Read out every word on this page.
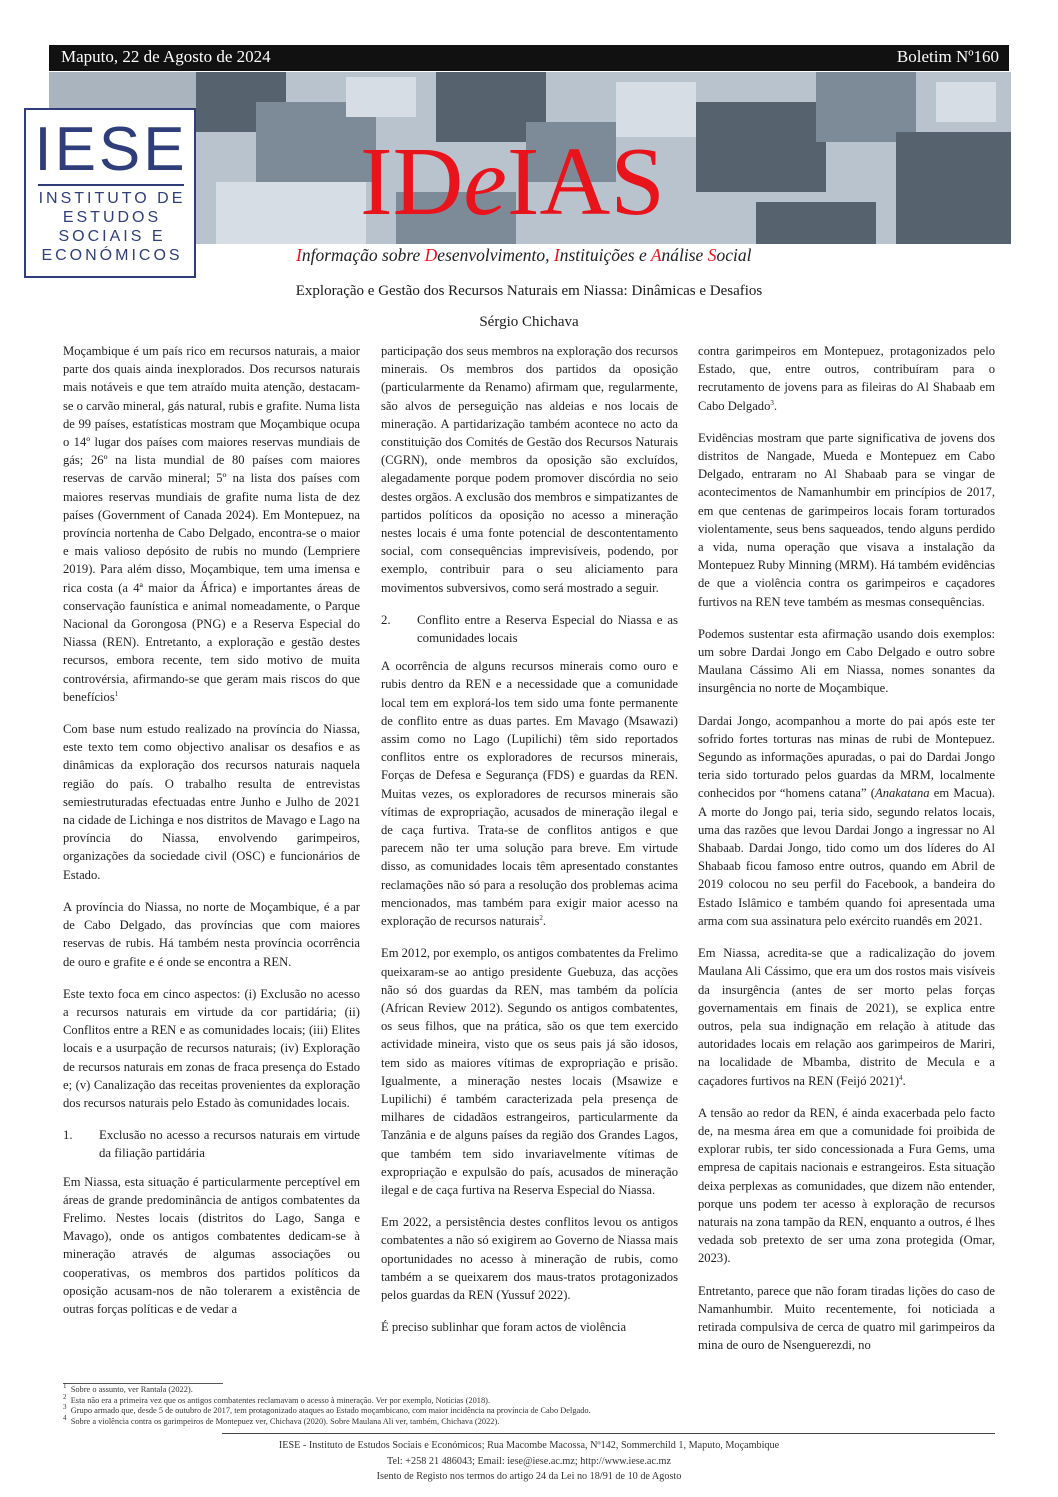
Maputo, 22 de Agosto de 2024	Boletim Nº160
IESE
INSTITUTO DE
ESTUDOS
SOCIAIS E
ECONÓMICOS
IDeIAS
Informação sobre Desenvolvimento, Instituições e Análise Social
Exploração e Gestão dos Recursos Naturais em Niassa: Dinâmicas e Desafios
Sérgio Chichava

Moçambique é um país rico em recursos naturais, a maior parte dos quais ainda inexplorados. Dos recursos naturais mais notáveis e que tem atraído muita atenção, destacam-se o carvão mineral, gás natural, rubis e grafite. Numa lista de 99 países, estatísticas mostram que Moçambique ocupa o 14º lugar dos países com maiores reservas mundiais de gás; 26º na lista mundial de 80 países com maiores reservas de carvão mineral; 5º na lista dos países com maiores reservas mundiais de grafite numa lista de dez países (Government of Canada 2024). Em Montepuez, na província nortenha de Cabo Delgado, encontra-se o maior e mais valioso depósito de rubis no mundo (Lempriere 2019). Para além disso, Moçambique, tem uma imensa e rica costa (a 4ª maior da África) e importantes áreas de conservação faunística e animal nomeadamente, o Parque Nacional da Gorongosa (PNG) e a Reserva Especial do Niassa (REN). Entretanto, a exploração e gestão destes recursos, embora recente, tem sido motivo de muita controvérsia, afirmando-se que geram mais riscos do que benefícios$^1$

Com base num estudo realizado na província do Niassa, este texto tem como objectivo analisar os desafios e as dinâmicas da exploração dos recursos naturais naquela região do país. O trabalho resulta de entrevistas semiestruturadas efectuadas entre Junho e Julho de 2021 na cidade de Lichinga e nos distritos de Mavago e Lago na província do Niassa, envolvendo garimpeiros, organizações da sociedade civil (OSC) e funcionários de Estado.

A província do Niassa, no norte de Moçambique, é a par de Cabo Delgado, das províncias que com maiores reservas de rubis. Há também nesta província ocorrência de ouro e grafite e é onde se encontra a REN.

Este texto foca em cinco aspectos: (i) Exclusão no acesso a recursos naturais em virtude da cor partidária; (ii) Conflitos entre a REN e as comunidades locais; (iii) Elites locais e a usurpação de recursos naturais; (iv) Exploração de recursos naturais em zonas de fraca presença do Estado e; (v) Canalização das receitas provenientes da exploração dos recursos naturais pelo Estado às comunidades locais.

1. Exclusão no acesso a recursos naturais em virtude da filiação partidária

Em Niassa, esta situação é particularmente perceptível em áreas de grande predominância de antigos combatentes da Frelimo. Nestes locais (distritos do Lago, Sanga e Mavago), onde os antigos combatentes dedicam-se à mineração através de algumas associações ou cooperativas, os membros dos partidos políticos da oposição acusam-nos de não tolerarem a existência de outras forças políticas e de vedar a

participação dos seus membros na exploração dos recursos minerais. Os membros dos partidos da oposição (particularmente da Renamo) afirmam que, regularmente, são alvos de perseguição nas aldeias e nos locais de mineração. A partidarização também acontece no acto da constituição dos Comités de Gestão dos Recursos Naturais (CGRN), onde membros da oposição são excluídos, alegadamente porque podem promover discórdia no seio destes orgãos. A exclusão dos membros e simpatizantes de partidos políticos da oposição no acesso a mineração nestes locais é uma fonte potencial de descontentamento social, com consequências imprevisíveis, podendo, por exemplo, contribuir para o seu aliciamento para movimentos subversivos, como será mostrado a seguir.

2. Conflito entre a Reserva Especial do Niassa e as comunidades locais

A ocorrência de alguns recursos minerais como ouro e rubis dentro da REN e a necessidade que a comunidade local tem em explorá-los tem sido uma fonte permanente de conflito entre as duas partes. Em Mavago (Msawazi) assim como no Lago (Lupilichi) têm sido reportados conflitos entre os exploradores de recursos minerais, Forças de Defesa e Segurança (FDS) e guardas da REN. Muitas vezes, os exploradores de recursos minerais são vítimas de expropriação, acusados de mineração ilegal e de caça furtiva. Trata-se de conflitos antigos e que parecem não ter uma solução para breve. Em virtude disso, as comunidades locais têm apresentado constantes reclamações não só para a resolução dos problemas acima mencionados, mas também para exigir maior acesso na exploração de recursos naturais$^2$.

Em 2012, por exemplo, os antigos combatentes da Frelimo queixaram-se ao antigo presidente Guebuza, das acções não só dos guardas da REN, mas também da polícia (African Review 2012). Segundo os antigos combatentes, os seus filhos, que na prática, são os que tem exercido actividade mineira, visto que os seus pais já são idosos, tem sido as maiores vítimas de expropriação e prisão. Igualmente, a mineração nestes locais (Msawize e Lupilichi) é também caracterizada pela presença de milhares de cidadãos estrangeiros, particularmente da Tanzânia e de alguns países da região dos Grandes Lagos, que também tem sido invariavelmente vítimas de expropriação e expulsão do país, acusados de mineração ilegal e de caça furtiva na Reserva Especial do Niassa.

Em 2022, a persistência destes conflitos levou os antigos combatentes a não só exigirem ao Governo de Niassa mais oportunidades no acesso à mineração de rubis, como também a se queixarem dos maus-tratos protagonizados pelos guardas da REN (Yussuf 2022).

É preciso sublinhar que foram actos de violência

contra garimpeiros em Montepuez, protagonizados pelo Estado, que, entre outros, contribuíram para o recrutamento de jovens para as fileiras do Al Shabaab em Cabo Delgado$^3$.

Evidências mostram que parte significativa de jovens dos distritos de Nangade, Mueda e Montepuez em Cabo Delgado, entraram no Al Shabaab para se vingar de acontecimentos de Namanhumbir em princípios de 2017, em que centenas de garimpeiros locais foram torturados violentamente, seus bens saqueados, tendo alguns perdido a vida, numa operação que visava a instalação da Montepuez Ruby Minning (MRM). Há também evidências de que a violência contra os garimpeiros e caçadores furtivos na REN teve também as mesmas consequências.

Podemos sustentar esta afirmação usando dois exemplos: um sobre Dardai Jongo em Cabo Delgado e outro sobre Maulana Cássimo Ali em Niassa, nomes sonantes da insurgência no norte de Moçambique.

Dardai Jongo, acompanhou a morte do pai após este ter sofrido fortes torturas nas minas de rubi de Montepuez. Segundo as informações apuradas, o pai do Dardai Jongo teria sido torturado pelos guardas da MRM, localmente conhecidos por “homens catana” (Anakatana em Macua). A morte do Jongo pai, teria sido, segundo relatos locais, uma das razões que levou Dardai Jongo a ingressar no Al Shabaab. Dardai Jongo, tido como um dos líderes do Al Shabaab ficou famoso entre outros, quando em Abril de 2019 colocou no seu perfil do Facebook, a bandeira do Estado Islâmico e também quando foi apresentada uma arma com sua assinatura pelo exército ruandês em 2021.

Em Niassa, acredita-se que a radicalização do jovem Maulana Ali Cássimo, que era um dos rostos mais visíveis da insurgência (antes de ser morto pelas forças governamentais em finais de 2021), se explica entre outros, pela sua indignação em relação à atitude das autoridades locais em relação aos garimpeiros de Mariri, na localidade de Mbamba, distrito de Mecula e a caçadores furtivos na REN (Feijó 2021)$^4$.

A tensão ao redor da REN, é ainda exacerbada pelo facto de, na mesma área em que a comunidade foi proibida de explorar rubis, ter sido concessionada a Fura Gems, uma empresa de capitais nacionais e estrangeiros. Esta situação deixa perplexas as comunidades, que dizem não entender, porque uns podem ter acesso à exploração de recursos naturais na zona tampão da REN, enquanto a outros, é lhes vedada sob pretexto de ser uma zona protegida (Omar, 2023).

Entretanto, parece que não foram tiradas lições do caso de Namanhumbir. Muito recentemente, foi noticiada a retirada compulsiva de cerca de quatro mil garimpeiros da mina de ouro de Nsenguerezdi, no

$^1$ Sobre o assunto, ver Rantala (2022).
$^2$ Esta não era a primeira vez que os antigos combatentes reclamavam o acesso à mineração. Ver por exemplo, Notícias (2018).
$^3$ Grupo armado que, desde 5 de outubro de 2017, tem protagonizado ataques ao Estado moçambicano, com maior incidência na província de Cabo Delgado.
$^4$ Sobre a violência contra os garimpeiros de Montepuez ver, Chichava (2020). Sobre Maulana Ali ver, também, Chichava (2022).
IESE - Instituto de Estudos Sociais e Económicos; Rua Macombe Macossa, Nº142, Sommerchild 1, Maputo, Moçambique
Tel: +258 21 486043; Email: iese@iese.ac.mz; http://www.iese.ac.mz
Isento de Registo nos termos do artigo 24 da Lei no 18/91 de 10 de Agosto
